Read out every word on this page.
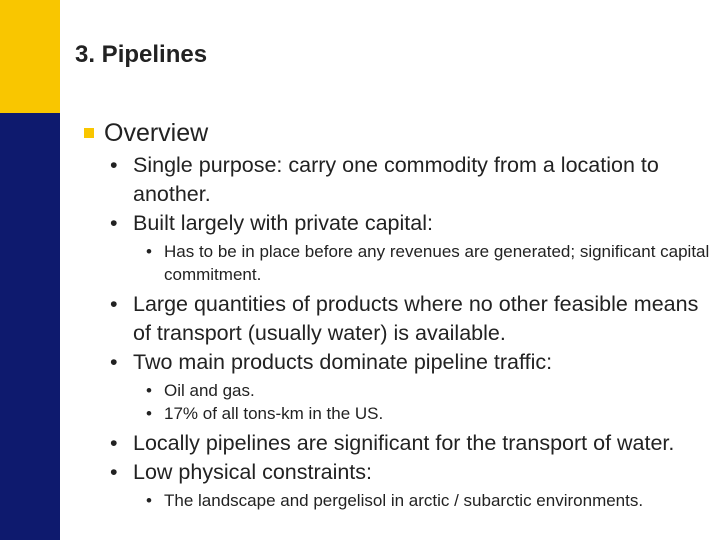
3. Pipelines
Overview
• Single purpose: carry one commodity from a location to another.
• Built largely with private capital:
• Has to be in place before any revenues are generated; significant capital commitment.
• Large quantities of products where no other feasible means of transport (usually water) is available.
• Two main products dominate pipeline traffic:
• Oil and gas.
• 17% of all tons-km in the US.
• Locally pipelines are significant for the transport of water.
• Low physical constraints:
• The landscape and pergelisol in arctic / subarctic environments.
